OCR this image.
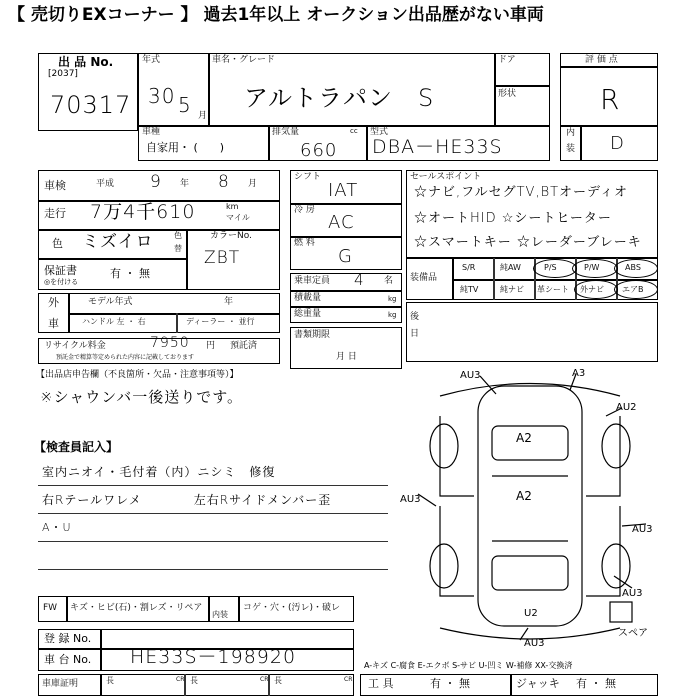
【 売切りEXコーナー 】 過去1年以上 オークション出品歴がない車両
出 品 No.
[2037]
70317
年式
30 5 月
車名・グレード
アルトラパン　S
ドア
形状
車種
自家用・ (　　)
排気量	cc
660
型式
DBA－HE33S
評 価 点
R
内
装 D
車検	平成 9 年 8 月
走行 7万4千610	km
マイル
色 ミズイロ	色
替
カラーNo.
ZBT
保証書
◎を付ける
有 ・ 無
シフト
IAT
冷 房
AC
燃 料
G
乗車定員 4 名
積載量	kg
総重量	kg
書類期限
月 日
セールスポイント
☆ナビ,フルセグTV,BTオーディオ
☆オートHID ☆シートヒーター
☆スマートキー ☆レーダーブレーキ
装備品
S/R	純AW	P/S	P/W	ABS
純TV	純ナビ 革シート 外ナビ エアB
後
日
外
車
モデル年式	年
ハンドル 左 ・ 右	ディーラー ・ 並行
リサイクル料金	7950 円 預託済
預託金で精算等定められた内容に記載しております
【出品店申告欄（不良箇所・欠品・注意事項等）】
※シャウンバ一後送りです。
【検査員記入】
室内ニオイ・毛付着（内）ニシミ　修復
右Rテールワレメ　　　　左右Rサイドメンバー歪
A・U
FW キズ・ヒビ(石)・割レズ・リペア
内装
コゲ・穴・(汚レ)・破レ
登 録 No.
車 台 No. HE33S－198920
車庫証明	長	CR 長	CR 長	CR
A-キズ C-腐食 E-エクボ S-サビ U-凹ミ W-補修 XX-交換済
工 具	有 ・ 無	ジャッキ 有 ・ 無
AU3	A3
AU2
A2
AU3	A2
AU3
AU3
U2
AU3
スペア
